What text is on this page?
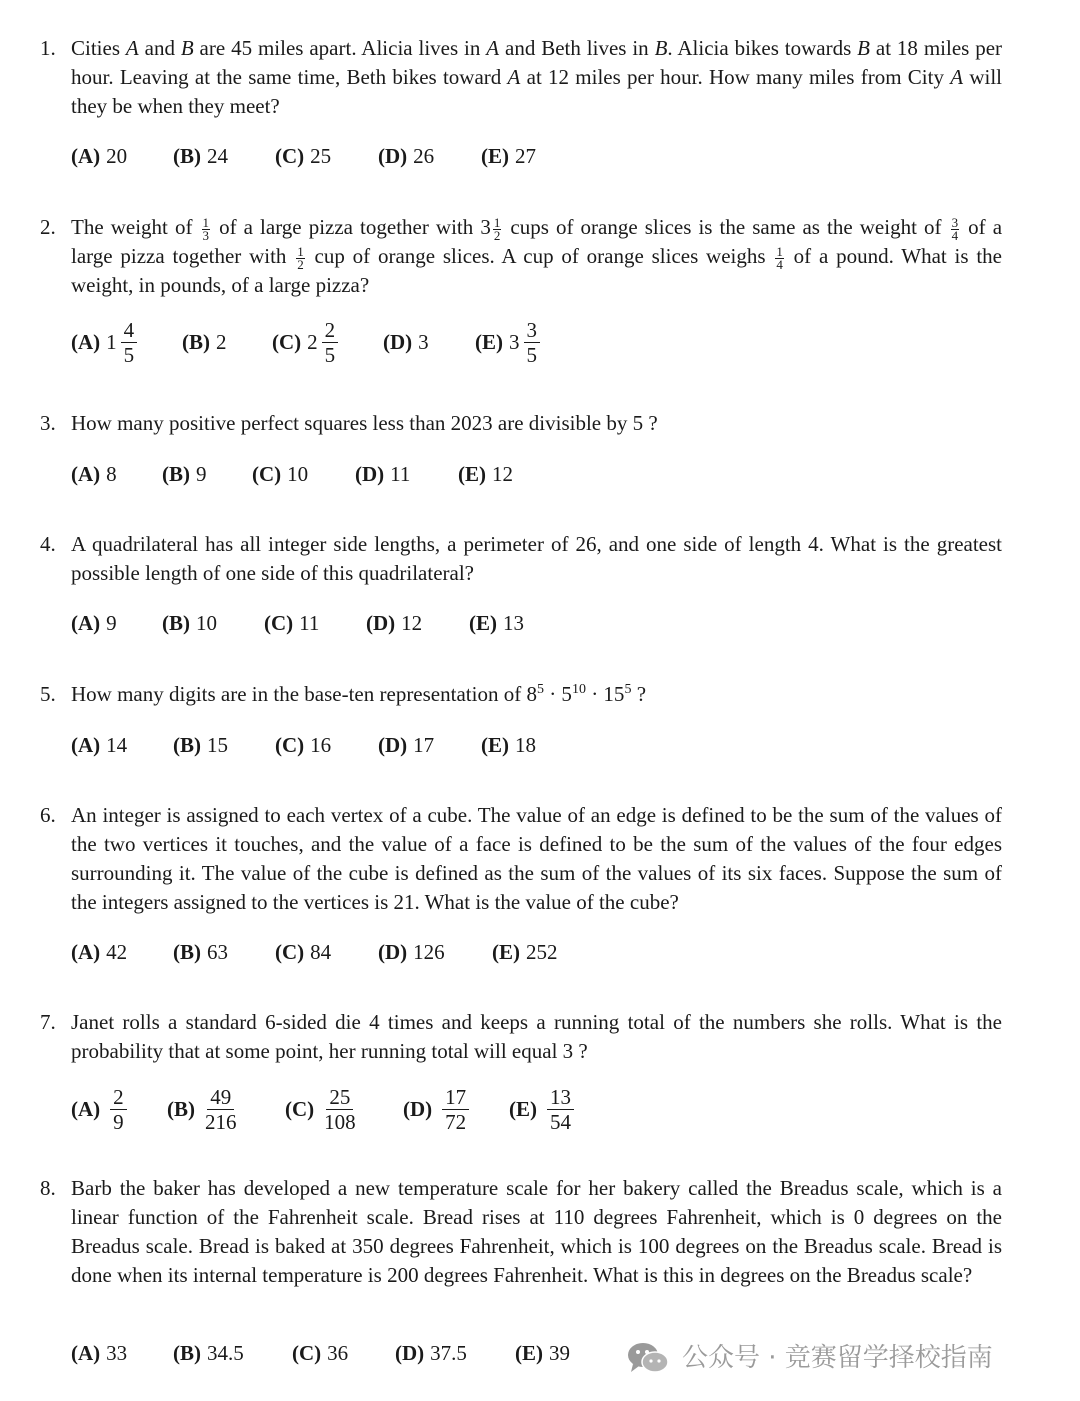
1. Cities A and B are 45 miles apart. Alicia lives in A and Beth lives in B. Alicia bikes towards B at 18 miles per hour. Leaving at the same time, Beth bikes toward A at 12 miles per hour. How many miles from City A will they be when they meet?
(A) 20 (B) 24 (C) 25 (D) 26 (E) 27
2. The weight of $\frac{1}{3}$ of a large pizza together with $3 \frac{1}{2}$ cups of orange slices is the same as the weight of $\frac{3}{4}$ of a large pizza together with $\frac{1}{2}$ cup of orange slices. A cup of orange slices weighs $\frac{1}{4}$ of a pound. What is the weight, in pounds, of a large pizza?
(A) 1 4
5
(B) 2 (C) 2 2
5
(D) 3 (E) 3 3
5
3. How many positive perfect squares less than 2023 are divisible by 5 ?
(A) 8 (B) 9 (C) 10 (D) 11 (E) 12
4. A quadrilateral has all integer side lengths, a perimeter of 26, and one side of length 4. What is the greatest possible length of one side of this quadrilateral?
(A) 9 (B) 10 (C) 11 (D) 12 (E) 13
5. How many digits are in the base-ten representation of $8^5 \cdot 5^{10} \cdot 15^5$ ?
(A) 14 (B) 15 (C) 16 (D) 17 (E) 18
6. An integer is assigned to each vertex of a cube. The value of an edge is defined to be the sum of the values of the two vertices it touches, and the value of a face is defined to be the sum of the values of the four edges surrounding it. The value of the cube is defined as the sum of the values of its six faces. Suppose the sum of the integers assigned to the vertices is 21. What is the value of the cube?
(A) 42 (B) 63 (C) 84 (D) 126 (E) 252
7. Janet rolls a standard 6-sided die 4 times and keeps a running total of the numbers she rolls. What is the probability that at some point, her running total will equal 3 ?
(A) 2
9
(B) 49
216
(C) 25
108
(D) 17
72
(E) 13
54
8. Barb the baker has developed a new temperature scale for her bakery called the Breadus scale, which is a linear function of the Fahrenheit scale. Bread rises at 110 degrees Fahrenheit, which is 0 degrees on the Breadus scale. Bread is baked at 350 degrees Fahrenheit, which is 100 degrees on the Breadus scale. Bread is done when its internal temperature is 200 degrees Fahrenheit. What is this in degrees on the Breadus scale?
(A) 33 (B) 34.5 (C) 36 (D) 37.5 (E) 39	公众号 · 竞赛留学择校指南
